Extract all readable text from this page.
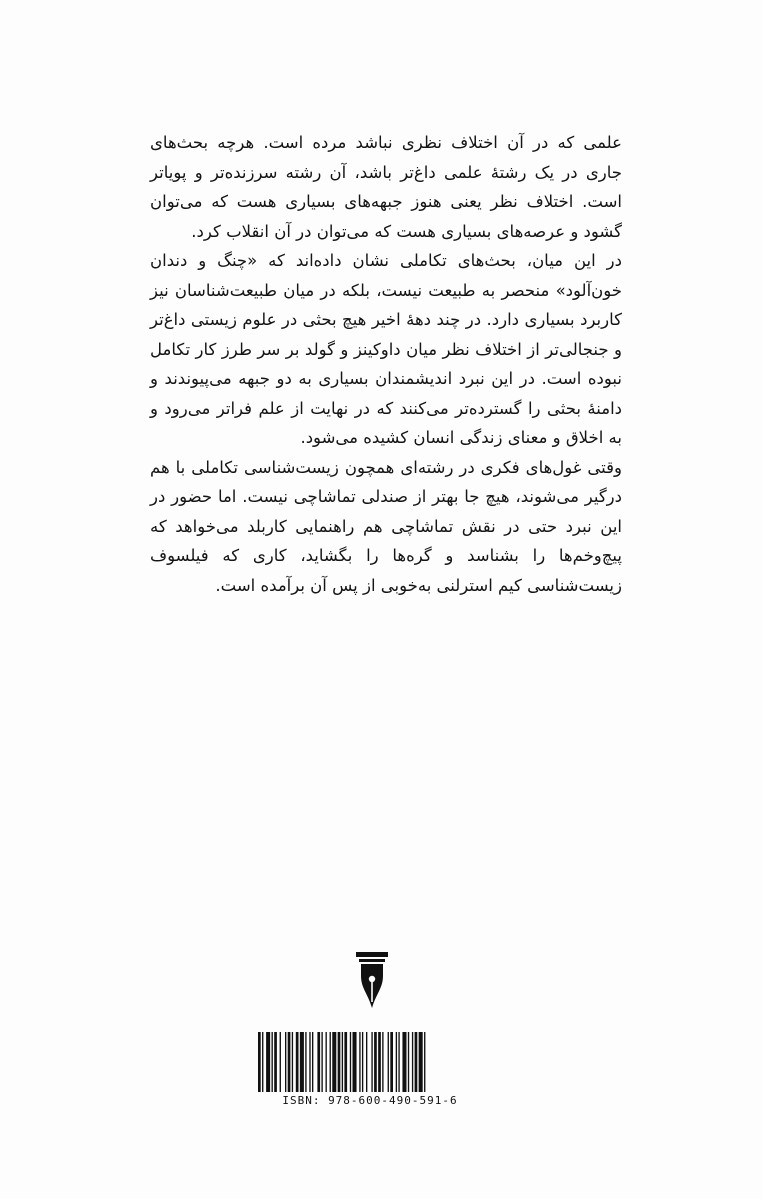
علمی که در آن اختلاف نظری نباشد مرده است. هرچه بحث‌های جاری در یک رشتهٔ علمی داغ‌تر باشد، آن رشته سرزنده‌تر و پویاتر است. اختلاف نظر یعنی هنوز جبهه‌های بسیاری هست که می‌توان گشود و عرصه‌های بسیاری هست که می‌توان در آن انقلاب کرد.

در این میان، بحث‌های تکاملی نشان داده‌اند که «چنگ و دندان خون‌آلود» منحصر به طبیعت نیست، بلکه در میان طبیعت‌شناسان نیز کاربرد بسیاری دارد. در چند دههٔ اخیر هیچ بحثی در علوم زیستی داغ‌تر و جنجالی‌تر از اختلاف نظر میان داوکینز و گولد بر سر طرز کار تکامل نبوده است. در این نبرد اندیشمندان بسیاری به دو جبهه می‌پیوندند و دامنهٔ بحثی را گسترده‌تر می‌کنند که در نهایت از علم فراتر می‌رود و به اخلاق و معنای زندگی انسان کشیده می‌شود.

وقتی غول‌های فکری در رشته‌ای همچون زیست‌شناسی تکاملی با هم درگیر می‌شوند، هیچ جا بهتر از صندلی تماشاچی نیست. اما حضور در این نبرد حتی در نقش تماشاچی هم راهنمایی کاربلد می‌خواهد که پیچ‌وخم‌ها را بشناسد و گره‌ها را بگشاید، کاری که فیلسوف زیست‌شناسی کیم استرلنی به‌خوبی از پس آن برآمده است.

ISBN: 978-600-490-591-6
